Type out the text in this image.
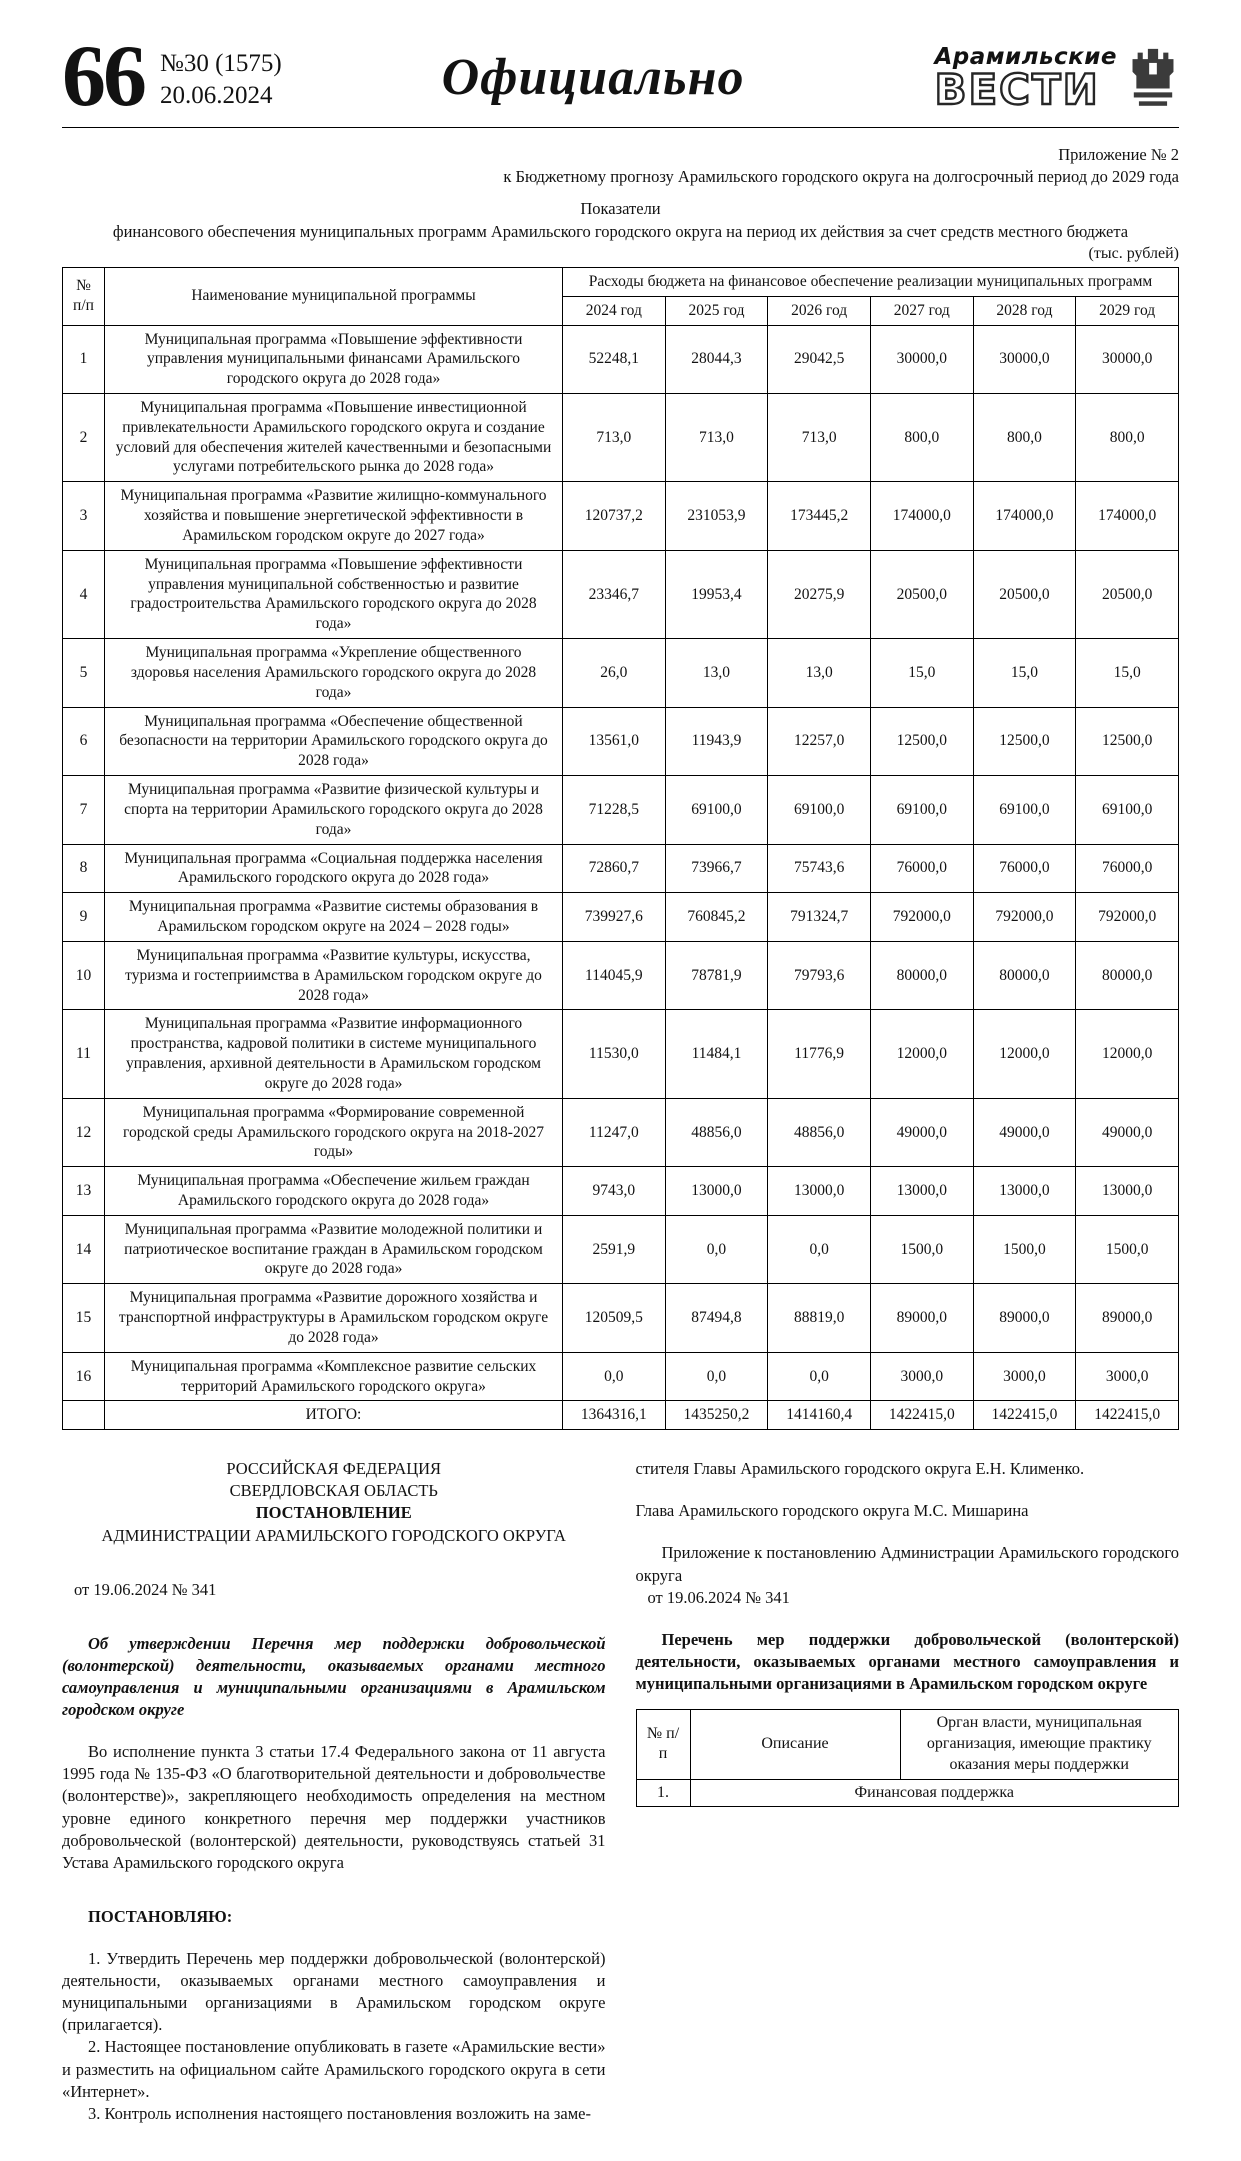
66 №30 (1575)
20.06.2024	Официально	Арамильские
ВЕСТИ
Приложение № 2
к Бюджетному прогнозу Арамильского городского округа на долгосрочный период до 2029 года
Показатели
финансового обеспечения муниципальных программ Арамильского городского округа на период их действия за счет средств местного бюджета
(тыс. рублей)
№ п/п	Наименование муниципальной программы	Расходы бюджета на финансовое обеспечение реализации муниципальных программ					
		2024 год	2025 год	2026 год	2027 год	2028 год	2029 год
1	Муниципальная программа «Повышение эффективности управления муниципальными финансами Арамильского городского округа до 2028 года»	52248,1	28044,3	29042,5	30000,0	30000,0	30000,0
2	Муниципальная программа «Повышение инвестиционной привлекательности Арамильского городского округа и создание условий для обеспечения жителей качественными и безопасными услугами потребительского рынка до 2028 года»	713,0	713,0	713,0	800,0	800,0	800,0
3	Муниципальная программа «Развитие жилищно-коммунального хозяйства и повышение энергетической эффективности в Арамильском городском округе до 2027 года»	120737,2	231053,9	173445,2	174000,0	174000,0	174000,0
4	Муниципальная программа «Повышение эффективности управления муниципальной собственностью и развитие градостроительства Арамильского городского округа до 2028 года»	23346,7	19953,4	20275,9	20500,0	20500,0	20500,0
5	Муниципальная программа «Укрепление общественного здоровья населения Арамильского городского округа до 2028 года»	26,0	13,0	13,0	15,0	15,0	15,0
6	Муниципальная программа «Обеспечение общественной безопасности на территории Арамильского городского округа до 2028 года»	13561,0	11943,9	12257,0	12500,0	12500,0	12500,0
7	Муниципальная программа «Развитие физической культуры и спорта на территории Арамильского городского округа до 2028 года»	71228,5	69100,0	69100,0	69100,0	69100,0	69100,0
8	Муниципальная программа «Социальная поддержка населения Арамильского городского округа до 2028 года»	72860,7	73966,7	75743,6	76000,0	76000,0	76000,0
9	Муниципальная программа «Развитие системы образования в Арамильском городском округе на 2024 – 2028 годы»	739927,6	760845,2	791324,7	792000,0	792000,0	792000,0
10	Муниципальная программа «Развитие культуры, искусства, туризма и гостеприимства в Арамильском городском округе до 2028 года»	114045,9	78781,9	79793,6	80000,0	80000,0	80000,0
11	Муниципальная программа «Развитие информационного пространства, кадровой политики в системе муниципального управления, архивной деятельности в Арамильском городском округе до 2028 года»	11530,0	11484,1	11776,9	12000,0	12000,0	12000,0
12	Муниципальная программа «Формирование современной городской среды Арамильского городского округа на 2018-2027 годы»	11247,0	48856,0	48856,0	49000,0	49000,0	49000,0
13	Муниципальная программа «Обеспечение жильем граждан Арамильского городского округа до 2028 года»	9743,0	13000,0	13000,0	13000,0	13000,0	13000,0
14	Муниципальная программа «Развитие молодежной политики и патриотическое воспитание граждан в Арамильском городском округе до 2028 года»	2591,9	0,0	0,0	1500,0	1500,0	1500,0
15	Муниципальная программа «Развитие дорожного хозяйства и транспортной инфраструктуры в Арамильском городском округе до 2028 года»	120509,5	87494,8	88819,0	89000,0	89000,0	89000,0
16	Муниципальная программа «Комплексное развитие сельских территорий Арамильского городского округа»	0,0	0,0	0,0	3000,0	3000,0	3000,0
	ИТОГО:	1364316,1	1435250,2	1414160,4	1422415,0	1422415,0	1422415,0
РОССИЙСКАЯ ФЕДЕРАЦИЯ
СВЕРДЛОВСКАЯ ОБЛАСТЬ
ПОСТАНОВЛЕНИЕ
АДМИНИСТРАЦИИ АРАМИЛЬСКОГО ГОРОДСКОГО ОКРУГА

от 19.06.2024 № 341

Об утверждении Перечня мер поддержки добровольческой (волонтерской) деятельности, оказываемых органами местного самоуправления и муниципальными организациями в Арамильском городском округе

Во исполнение пункта 3 статьи 17.4 Федерального закона от 11 августа 1995 года № 135-ФЗ «О благотворительной деятельности и добровольчестве (волонтерстве)», закрепляющего необходимость определения на местном уровне единого конкретного перечня мер поддержки участников добровольческой (волонтерской) деятельности, руководствуясь статьей 31 Устава Арамильского городского округа

ПОСТАНОВЛЯЮ:

1. Утвердить Перечень мер поддержки добровольческой (волонтерской) деятельности, оказываемых органами местного самоуправления и муниципальными организациями в Арамильском городском округе (прилагается).

2. Настоящее постановление опубликовать в газете «Арамильские вести» и разместить на официальном сайте Арамильского городского округа в сети «Интернет».

3. Контроль исполнения настоящего постановления возложить на заме-

стителя Главы Арамильского городского округа Е.Н. Клименко.

Глава Арамильского городского округа М.С. Мишарина

Приложение к постановлению Администрации Арамильского городского округа

от 19.06.2024 № 341

Перечень мер поддержки добровольческой (волонтерской) деятельности, оказываемых органами местного самоуправления и муниципальными организациями в Арамильском городском округе

№ п/п	Описание	Орган власти, муниципальная организация, имеющие практику оказания меры поддержки
1.	Финансовая поддержка	
